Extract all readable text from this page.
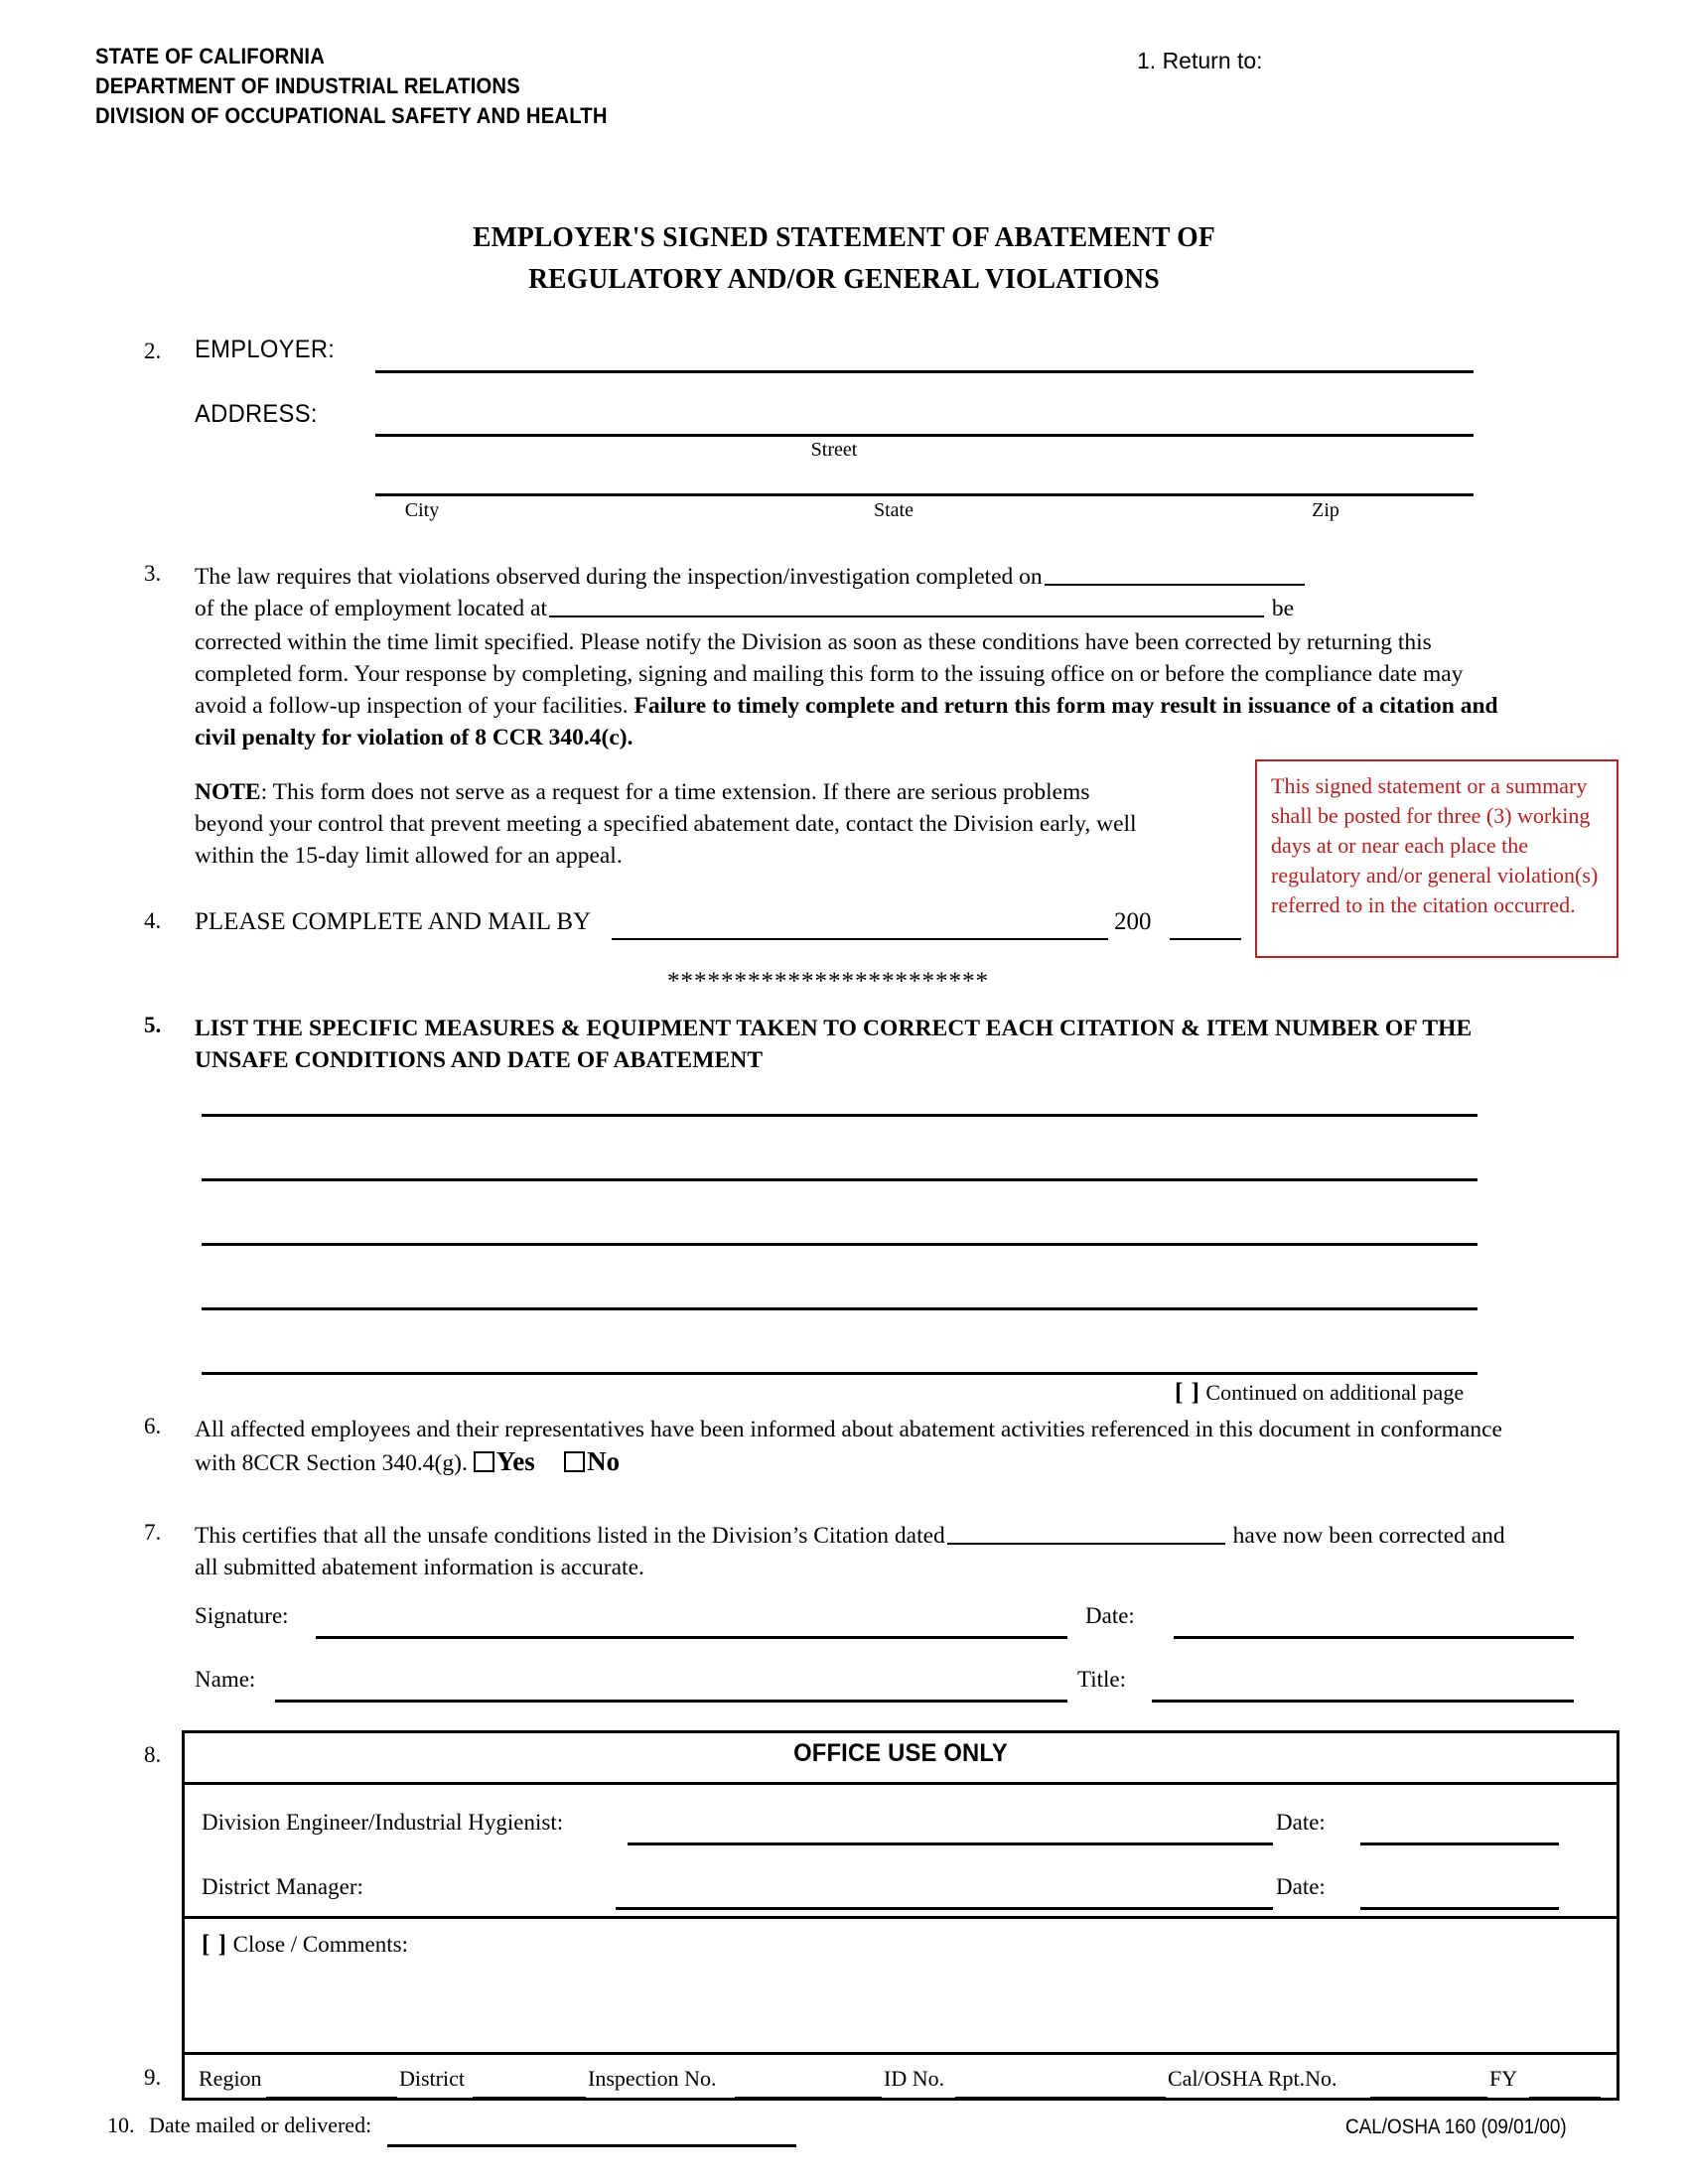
STATE OF CALIFORNIA
DEPARTMENT OF INDUSTRIAL RELATIONS
DIVISION OF OCCUPATIONAL SAFETY AND HEALTH
1. Return to:
EMPLOYER'S SIGNED STATEMENT OF ABATEMENT OF
REGULATORY AND/OR GENERAL VIOLATIONS
2. EMPLOYER:
ADDRESS:
Street
City	State	Zip
3. The law requires that violations observed during the inspection/investigation completed on
of the place of employment located at	be
corrected within the time limit specified. Please notify the Division as soon as these conditions have been corrected by returning this completed form. Your response by completing, signing and mailing this form to the issuing office on or before the compliance date may avoid a follow-up inspection of your facilities. Failure to timely complete and return this form may result in issuance of a citation and civil penalty for violation of 8 CCR 340.4(c).
NOTE: This form does not serve as a request for a time extension. If there are serious problems beyond your control that prevent meeting a specified abatement date, contact the Division early, well within the 15-day limit allowed for an appeal.
This signed statement or a summary shall be posted for three (3) working days at or near each place the regulatory and/or general violation(s) referred to in the citation occurred.
4. PLEASE COMPLETE AND MAIL BY	200
************************
5. LIST THE SPECIFIC MEASURES & EQUIPMENT TAKEN TO CORRECT EACH CITATION & ITEM NUMBER OF THE
UNSAFE CONDITIONS AND DATE OF ABATEMENT
[ ] Continued on additional page
6. All affected employees and their representatives have been informed about abatement activities referenced in this document in conformance with 8CCR Section 340.4(g). Yes No
7. This certifies that all the unsafe conditions listed in the Division’s Citation dated	have now been corrected and all submitted abatement information is accurate.
Signature:	Date:
Name:	Title:
8.	OFFICE USE ONLY
Division Engineer/Industrial Hygienist:	Date:
District Manager:	Date:
[ ] Close / Comments:
9. Region	District	Inspection No.	ID No.	Cal/OSHA Rpt.No.	FY
10. Date mailed or delivered:	CAL/OSHA 160 (09/01/00)
